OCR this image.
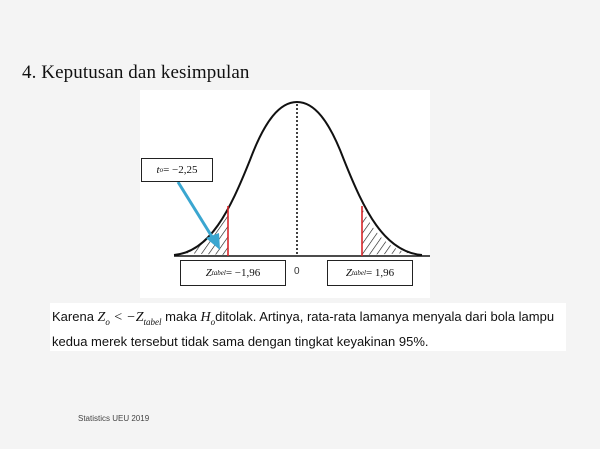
4. Keputusan dan kesimpulan
t o = −2,25
Z tabel = −1,96	0	Z tabel = 1,96
Karena $Z_o < -Z_{tabel}$ maka $H_oditolak$. Artinya, rata-rata lamanya menyala dari bola lampu kedua merek tersebut tidak sama dengan tingkat keyakinan 95%.
Statistics UEU 2019
